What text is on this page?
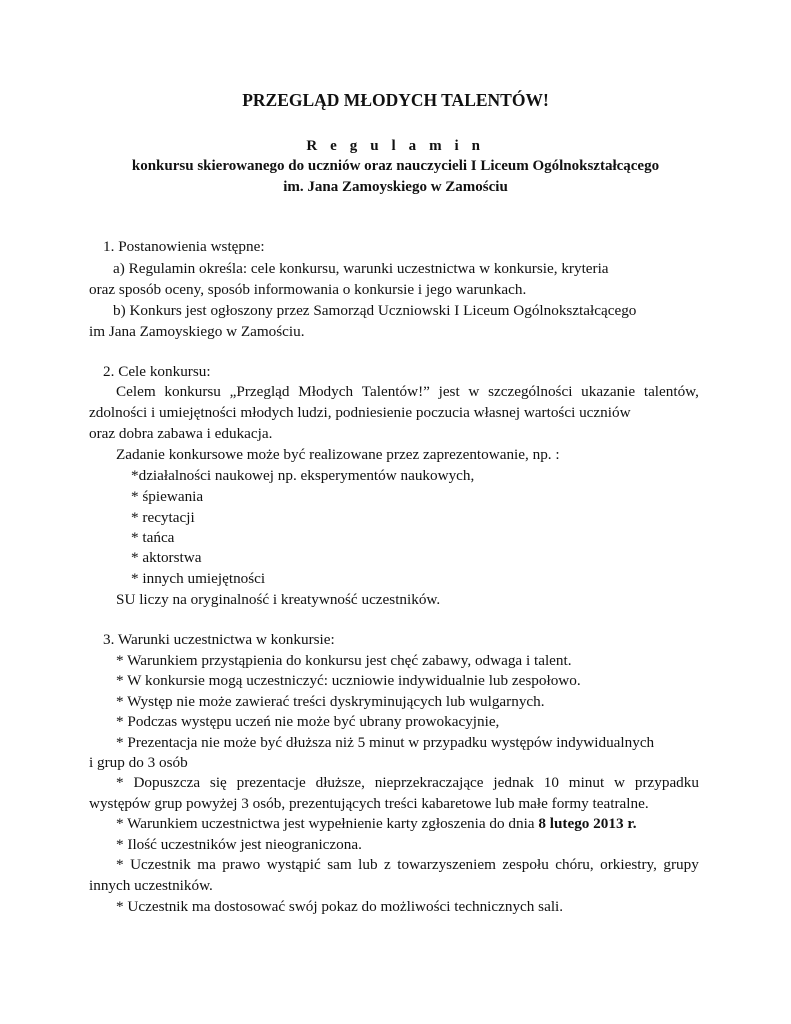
PRZEGLĄD MŁODYCH TALENTÓW!

R e g u l a m i n

konkursu skierowanego do uczniów oraz nauczycieli I Liceum Ogólnokształcącego

im. Jana Zamoyskiego w Zamościu

1. Postanowienia wstępne:

a) Regulamin określa: cele konkursu, warunki uczestnictwa w konkursie, kryteria

oraz sposób oceny, sposób informowania o konkursie i jego warunkach.

b) Konkurs jest ogłoszony przez Samorząd Uczniowski I Liceum Ogólnokształcącego

im Jana Zamoyskiego w Zamościu.

2. Cele konkursu:

Celem konkursu „Przegląd Młodych Talentów!” jest w szczególności ukazanie talentów,

zdolności i umiejętności młodych ludzi, podniesienie poczucia własnej wartości uczniów

oraz dobra zabawa i edukacja.

Zadanie konkursowe może być realizowane przez zaprezentowanie, np. :

*działalności naukowej np. eksperymentów naukowych,

* śpiewania

* recytacji

* tańca

* aktorstwa

* innych umiejętności

SU liczy na oryginalność i kreatywność uczestników.

3. Warunki uczestnictwa w konkursie:

* Warunkiem przystąpienia do konkursu jest chęć zabawy, odwaga i talent.

* W konkursie mogą uczestniczyć: uczniowie indywidualnie lub zespołowo.

* Występ nie może zawierać treści dyskryminujących lub wulgarnych.

* Podczas występu uczeń nie może być ubrany prowokacyjnie,

* Prezentacja nie może być dłuższa niż 5 minut w przypadku występów indywidualnych

i grup do 3 osób

* Dopuszcza się prezentacje dłuższe, nieprzekraczające jednak 10 minut w przypadku

występów grup powyżej 3 osób, prezentujących treści kabaretowe lub małe formy teatralne.

* Warunkiem uczestnictwa jest wypełnienie karty zgłoszenia do dnia 8 lutego 2013 r.

* Ilość uczestników jest nieograniczona.

* Uczestnik ma prawo wystąpić sam lub z towarzyszeniem zespołu chóru, orkiestry, grupy

innych uczestników.

* Uczestnik ma dostosować swój pokaz do możliwości technicznych sali.
